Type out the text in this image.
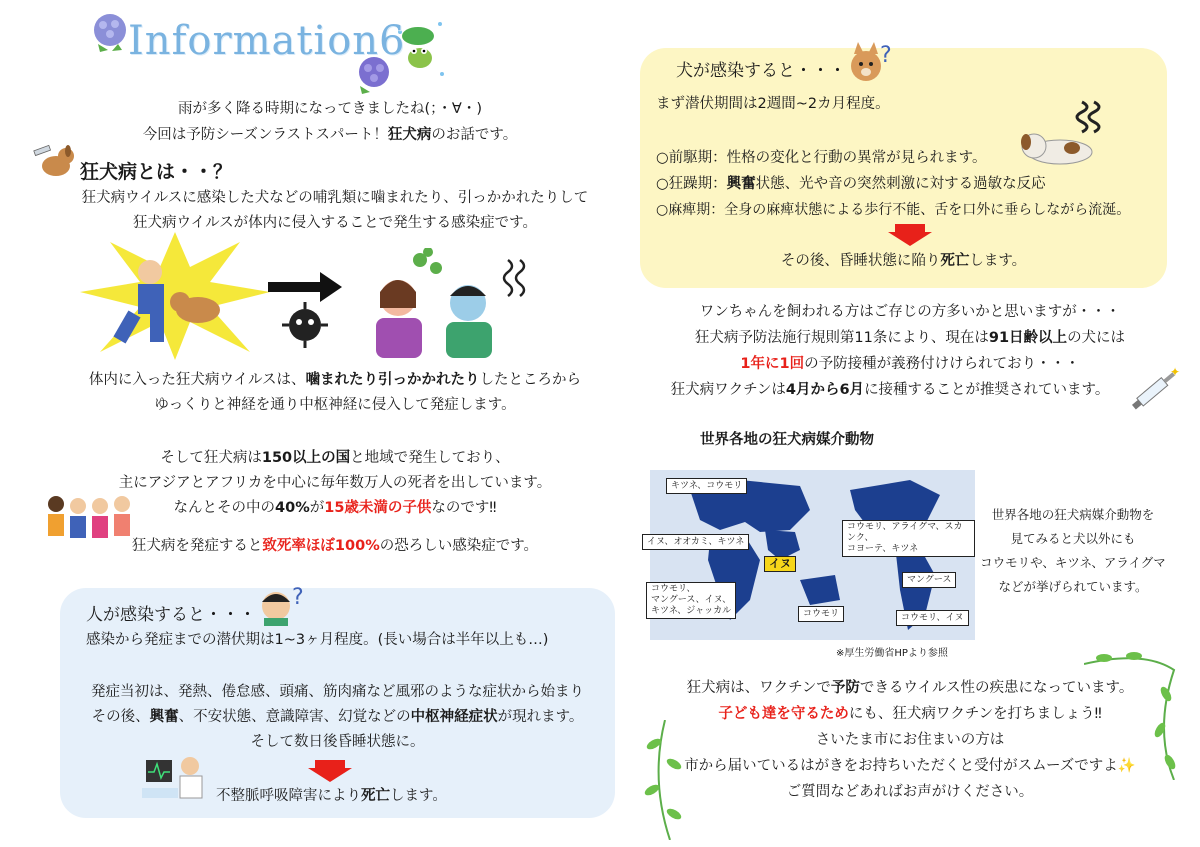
Information6
雨が多く降る時期になってきましたね(；・∀・)
今回は予防シーズンラストスパート！狂犬病のお話です。
狂犬病とは・・？
狂犬病ウイルスに感染した犬などの哺乳類に噛まれたり、引っかかれたりして
狂犬病ウイルスが体内に侵入することで発生する感染症です。
体内に入った狂犬病ウイルスは、噛まれたり引っかかれたりしたところから
ゆっくりと神経を通り中枢神経に侵入して発症します。
そして狂犬病は150以上の国と地域で発生しており、
主にアジアとアフリカを中心に毎年数万人の死者を出しています。
なんとその中の40%が15歳未満の子供なのです‼
狂犬病を発症すると致死率ほぼ100%の恐ろしい感染症です。
人が感染すると・・・
?
感染から発症までの潜伏期は1~3ヶ月程度。(長い場合は半年以上も…)
発症当初は、発熱、倦怠感、頭痛、筋肉痛など風邪のような症状から始まり
その後、興奮、不安状態、意識障害、幻覚などの中枢神経症状が現れます。
そして数日後昏睡状態に。
不整脈呼吸障害により死亡します。
犬が感染すると・・・
?
まず潜伏期間は2週間~2カ月程度。
○前駆期：性格の変化と行動の異常が見られます。
○狂躁期：興奮状態、光や音の突然刺激に対する過敏な反応
○麻痺期：全身の麻痺状態による歩行不能、舌を口外に垂らしながら流涎。
その後、昏睡状態に陥り死亡します。
ワンちゃんを飼われる方はご存じの方多いかと思いますが・・・
狂犬病予防法施行規則第11条により、現在は91日齢以上の犬には
1年に1回の予防接種が義務付けけられており・・・
狂犬病ワクチンは4月から6月に接種することが推奨されています。
✦
世界各地の狂犬病媒介動物
キツネ、コウモリ
イヌ、オオカミ、キツネ
コウモリ、
マングース、イヌ、
キツネ、ジャッカル
イヌ
コウモリ
コウモリ、アライグマ、スカンク、
コヨーテ、キツネ
マングース
コウモリ、イヌ
※厚生労働省HPより参照
世界各地の狂犬病媒介動物を
見てみると犬以外にも
コウモリや、キツネ、アライグマ
などが挙げられています。
狂犬病は、ワクチンで予防できるウイルス性の疾患になっています。
子ども達を守るためにも、狂犬病ワクチンを打ちましょう‼
さいたま市にお住まいの方は
市から届いているはがきをお持ちいただくと受付がスムーズですよ✨
ご質問などあればお声がけください。
